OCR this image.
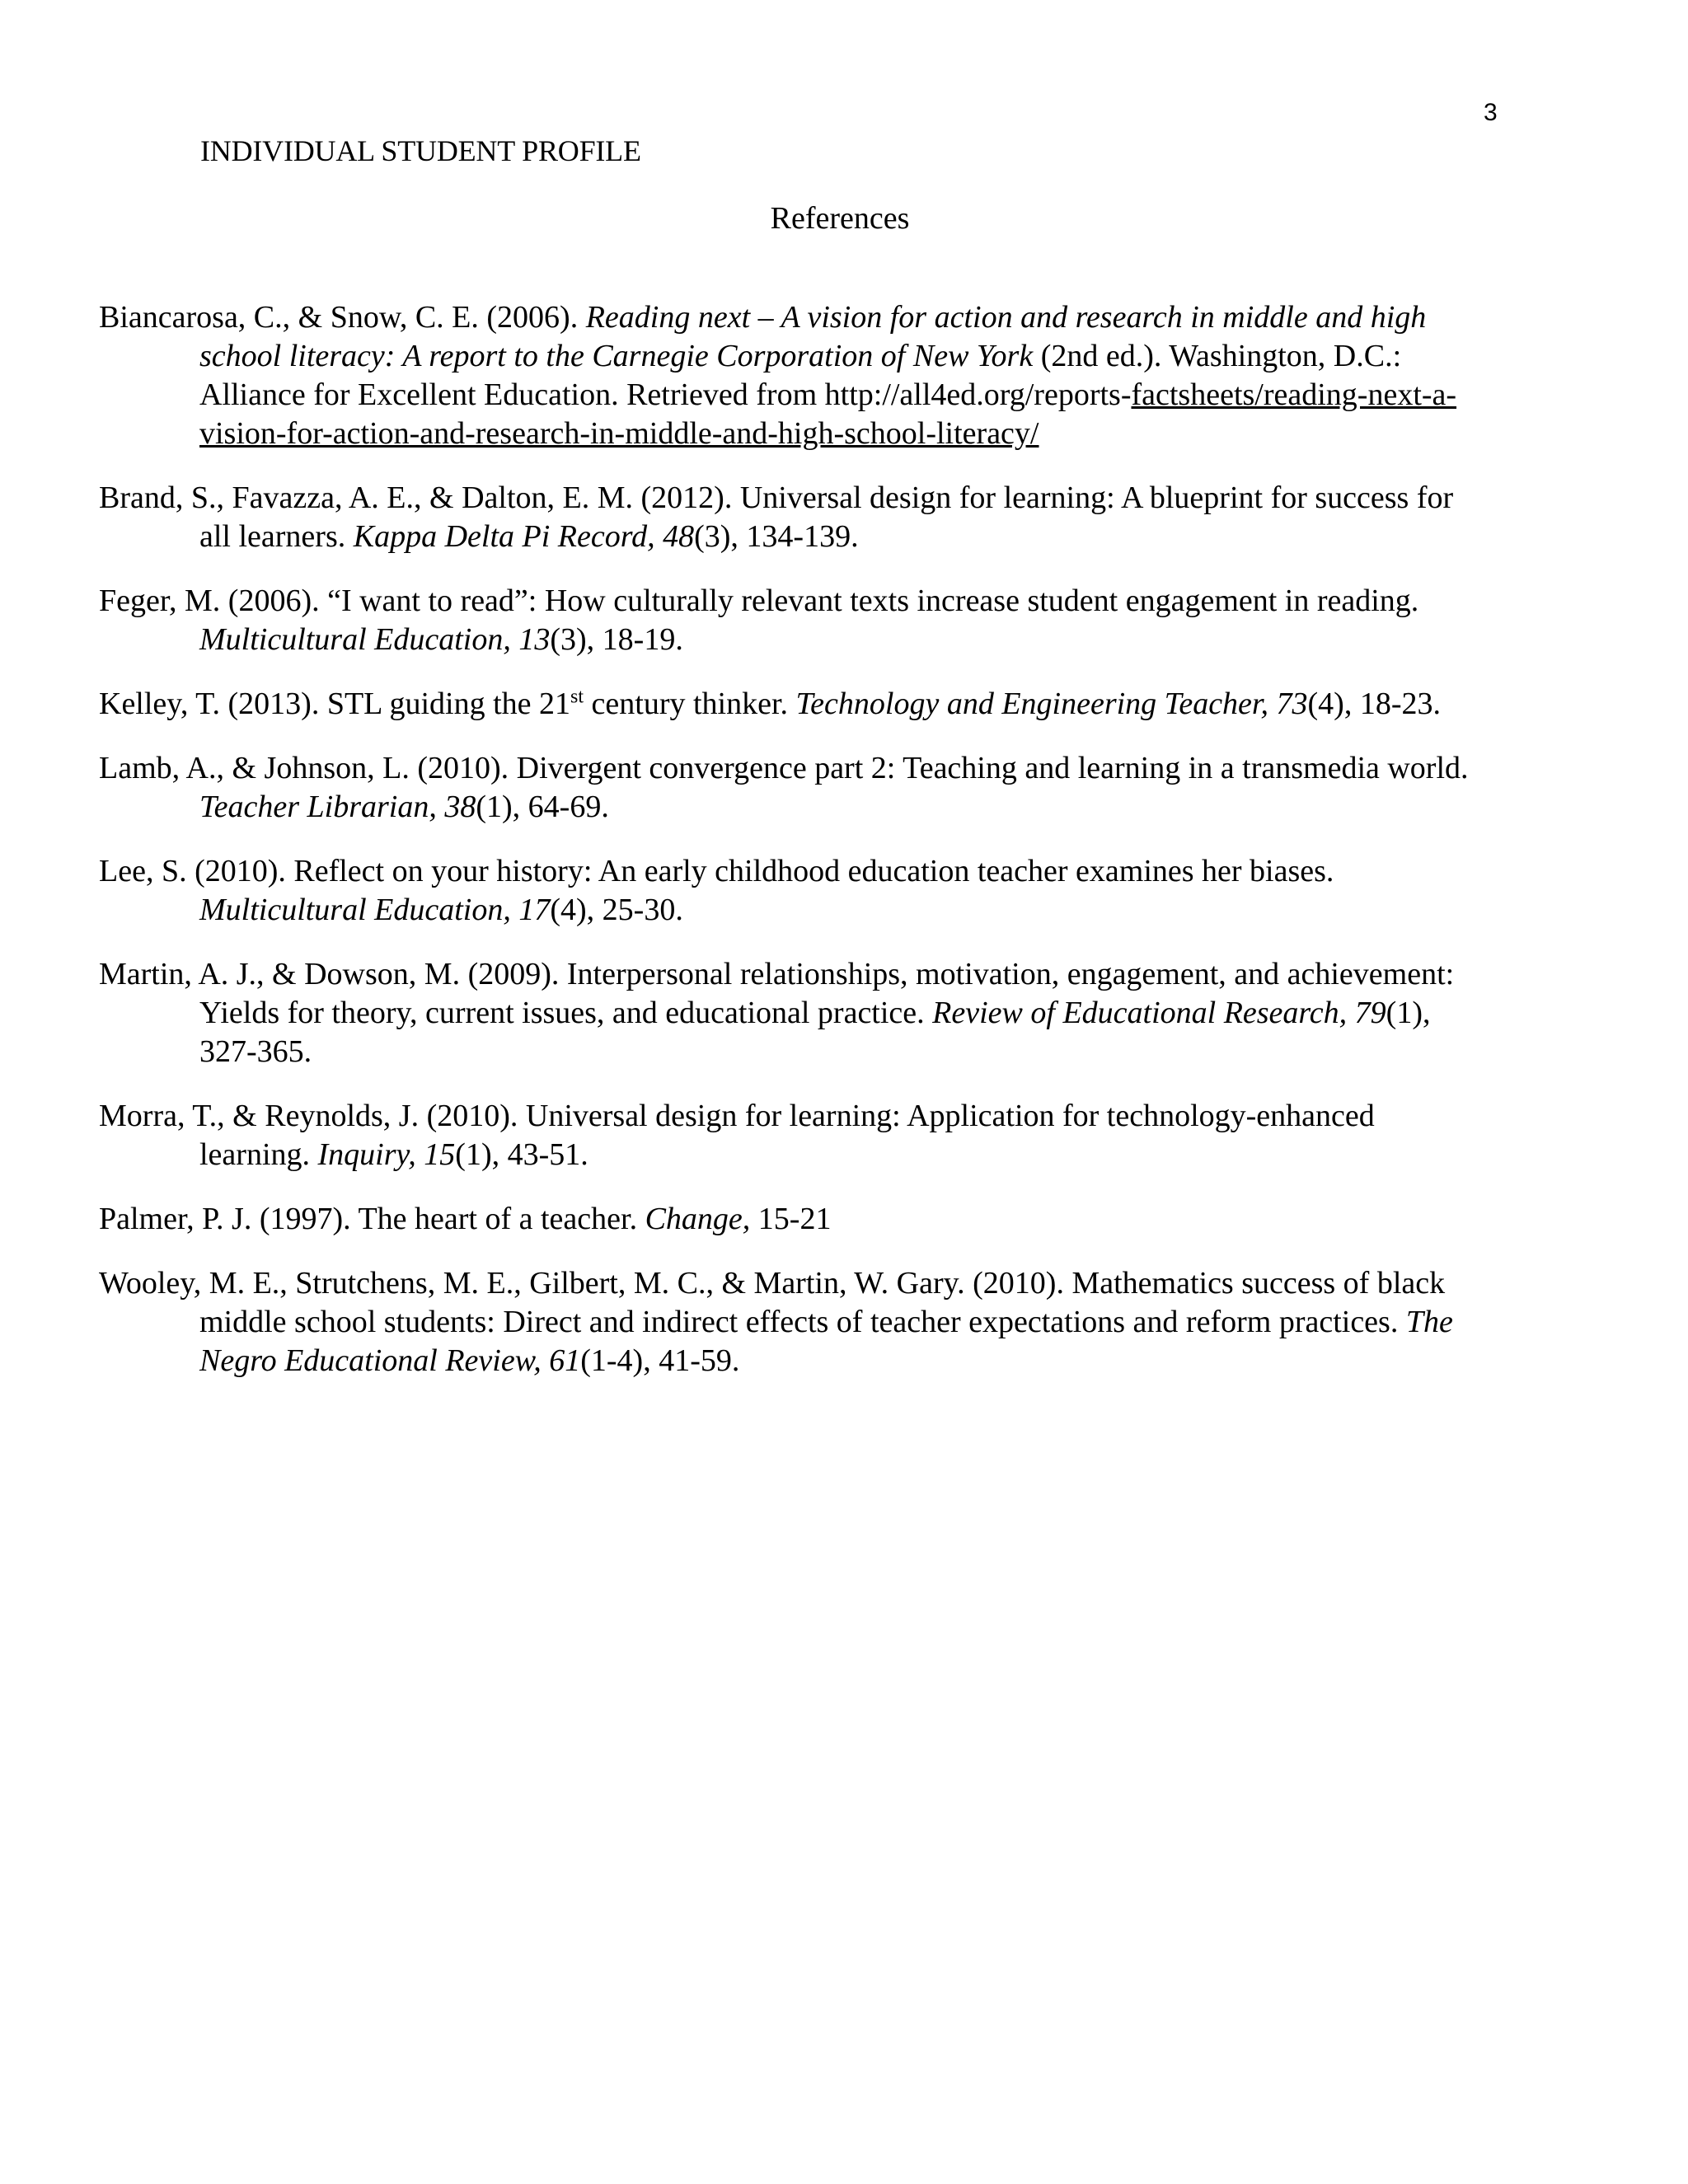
3
INDIVIDUAL STUDENT PROFILE
References
Biancarosa, C., & Snow, C. E. (2006). Reading next – A vision for action and research in middle and high school literacy: A report to the Carnegie Corporation of New York (2nd ed.). Washington, D.C.: Alliance for Excellent Education. Retrieved from http://all4ed.org/reports-factsheets/reading-next-a-vision-for-action-and-research-in-middle-and-high-school-literacy/
Brand, S., Favazza, A. E., & Dalton, E. M. (2012). Universal design for learning: A blueprint for success for all learners. Kappa Delta Pi Record, 48(3), 134-139.
Feger, M. (2006). “I want to read”: How culturally relevant texts increase student engagement in reading. Multicultural Education, 13(3), 18-19.
Kelley, T. (2013). STL guiding the 21st century thinker. Technology and Engineering Teacher, 73(4), 18-23.
Lamb, A., & Johnson, L. (2010). Divergent convergence part 2: Teaching and learning in a transmedia world. Teacher Librarian, 38(1), 64-69.
Lee, S. (2010). Reflect on your history: An early childhood education teacher examines her biases. Multicultural Education, 17(4), 25-30.
Martin, A. J., & Dowson, M. (2009). Interpersonal relationships, motivation, engagement, and achievement: Yields for theory, current issues, and educational practice. Review of Educational Research, 79(1), 327-365.
Morra, T., & Reynolds, J. (2010). Universal design for learning: Application for technology-enhanced learning. Inquiry, 15(1), 43-51.
Palmer, P. J. (1997). The heart of a teacher. Change, 15-21
Wooley, M. E., Strutchens, M. E., Gilbert, M. C., & Martin, W. Gary. (2010). Mathematics success of black middle school students: Direct and indirect effects of teacher expectations and reform practices. The Negro Educational Review, 61(1-4), 41-59.
